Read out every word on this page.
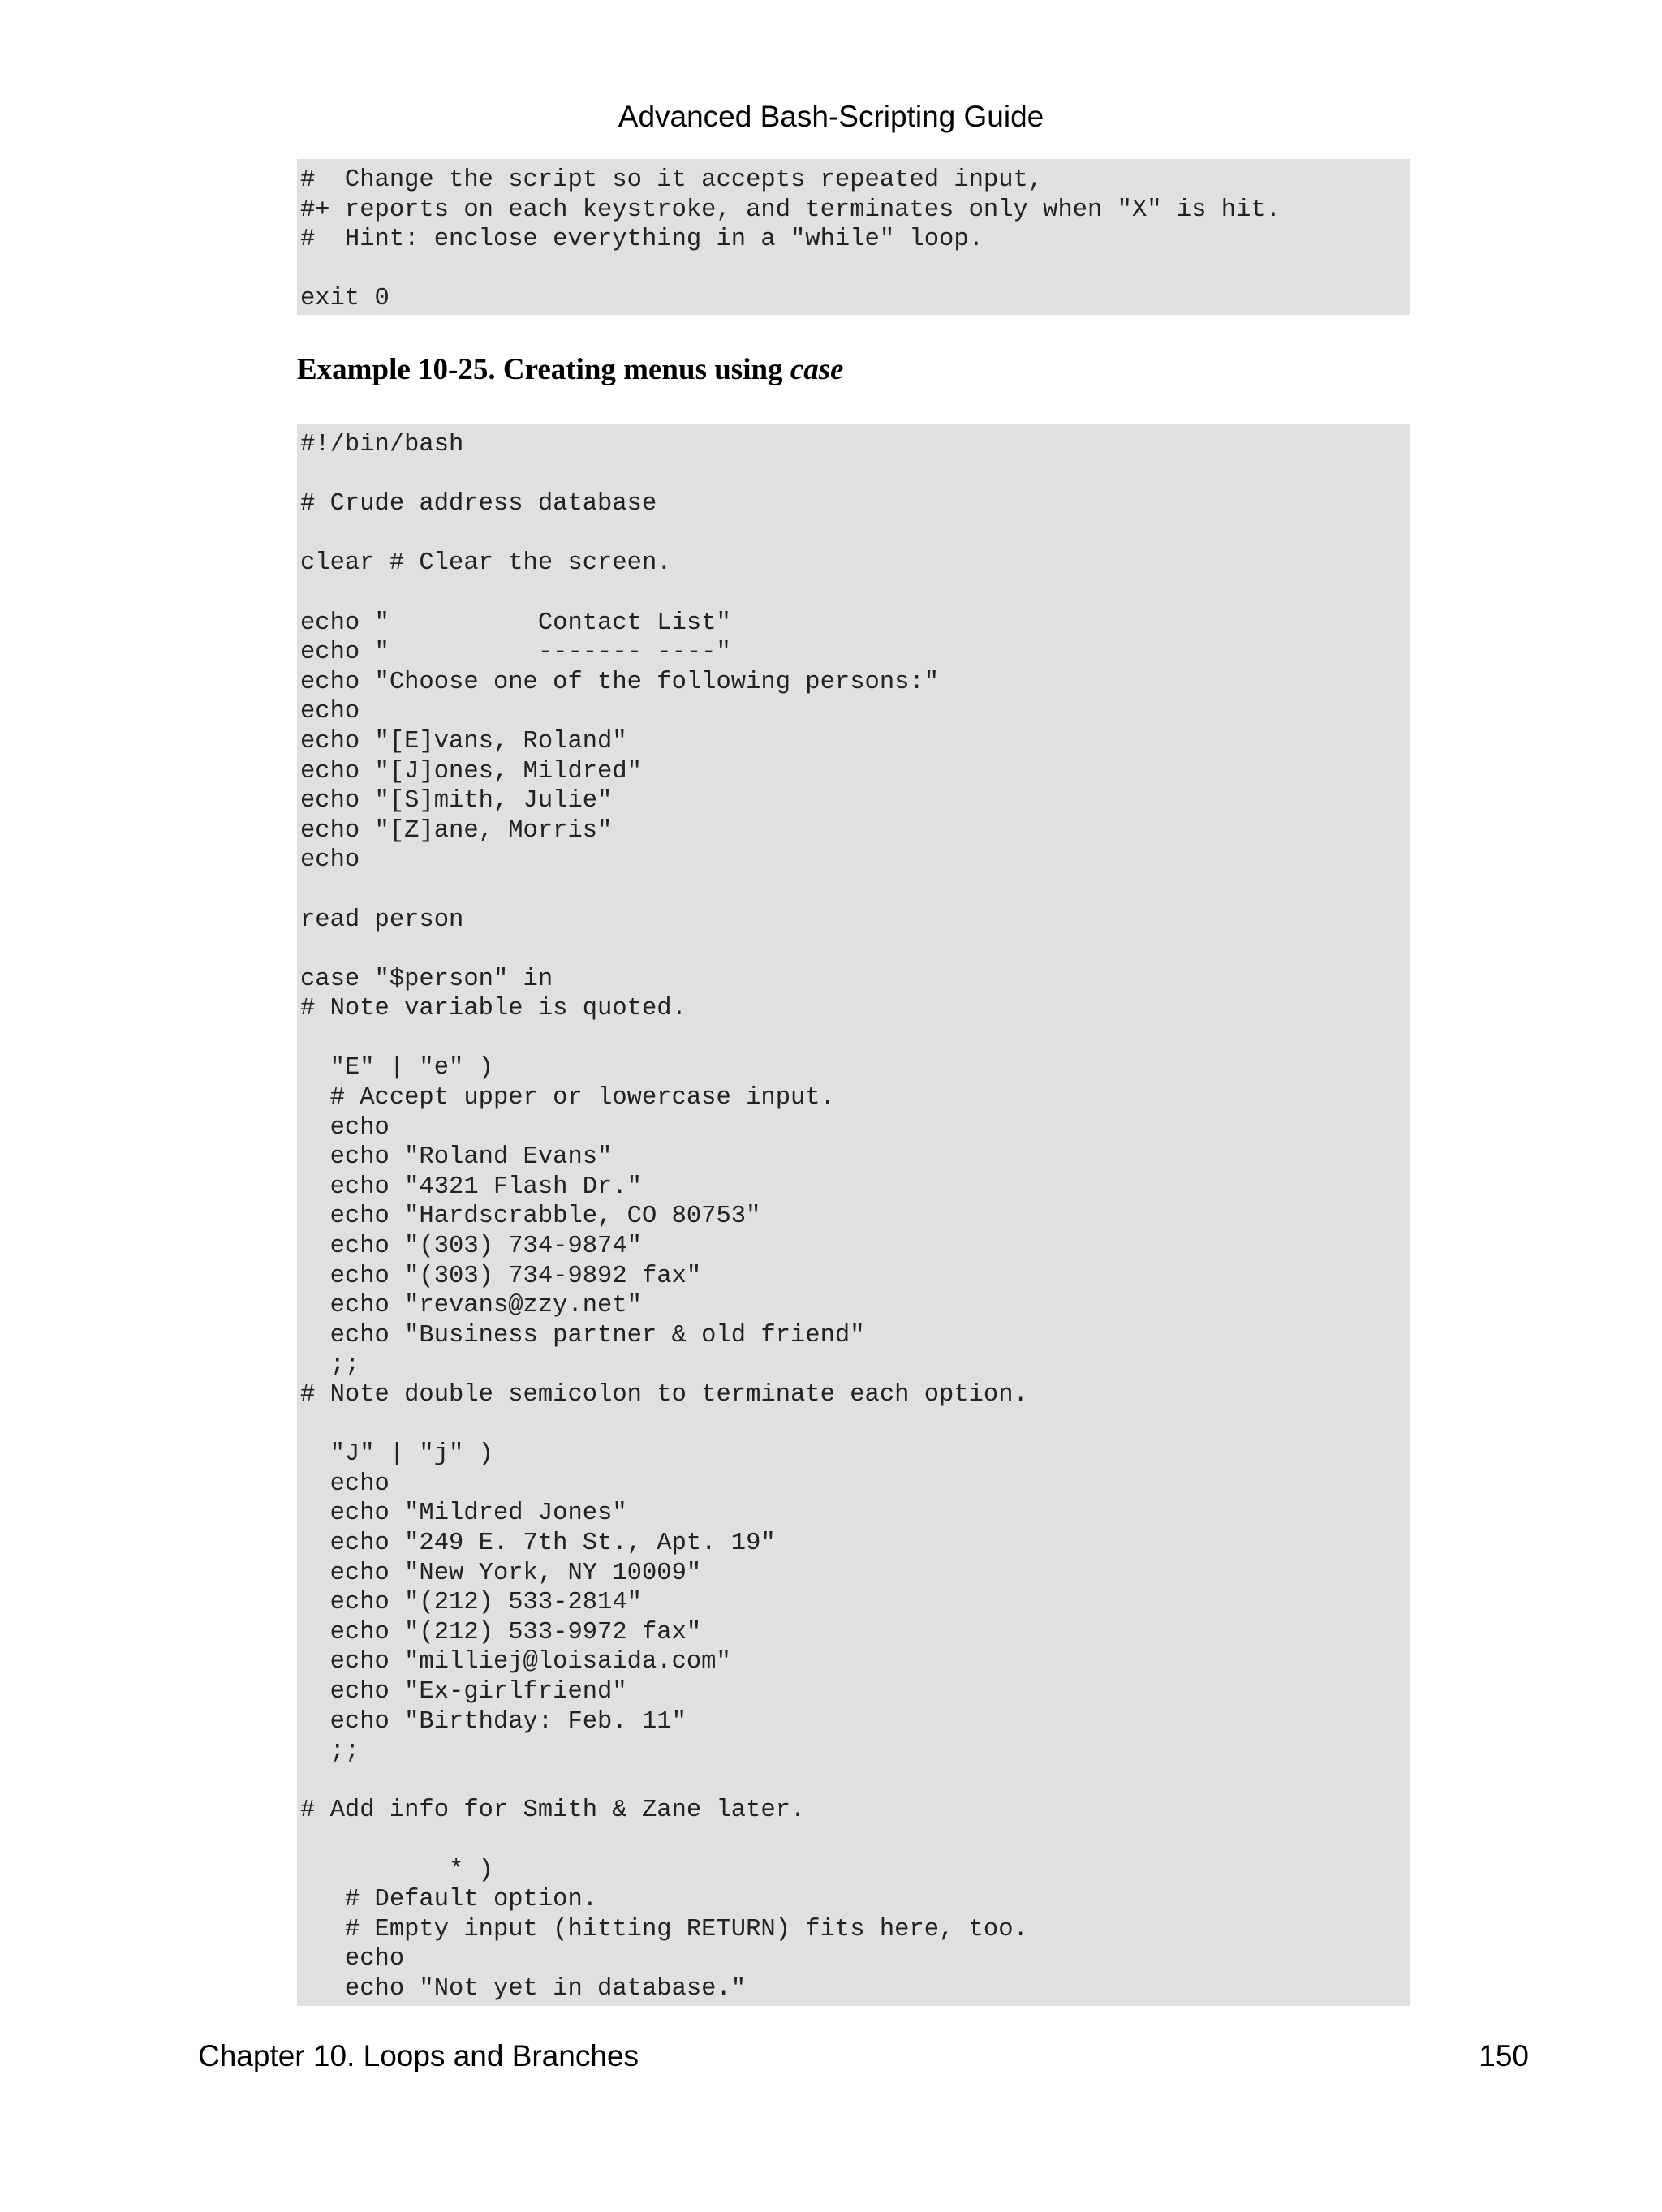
Advanced Bash-Scripting Guide
#  Change the script so it accepts repeated input,
#+ reports on each keystroke, and terminates only when "X" is hit.
#  Hint: enclose everything in a "while" loop.

exit 0
Example 10-25. Creating menus using case
#!/bin/bash

# Crude address database

clear # Clear the screen.

echo "          Contact List"
echo "          ------- ----"
echo "Choose one of the following persons:"
echo
echo "[E]vans, Roland"
echo "[J]ones, Mildred"
echo "[S]mith, Julie"
echo "[Z]ane, Morris"
echo

read person

case "$person" in
# Note variable is quoted.

"E" | "e" )
# Accept upper or lowercase input.
echo
echo "Roland Evans"
echo "4321 Flash Dr."
echo "Hardscrabble, CO 80753"
echo "(303) 734-9874"
echo "(303) 734-9892 fax"
echo "revans@zzy.net"
echo "Business partner & old friend"
;;
# Note double semicolon to terminate each option.

"J" | "j" )
echo
echo "Mildred Jones"
echo "249 E. 7th St., Apt. 19"
echo "New York, NY 10009"
echo "(212) 533-2814"
echo "(212) 533-9972 fax"
echo "milliej@loisaida.com"
echo "Ex-girlfriend"
echo "Birthday: Feb. 11"
;;

# Add info for Smith & Zane later.

* )
# Default option.
# Empty input (hitting RETURN) fits here, too.
echo
echo "Not yet in database."
Chapter 10. Loops and Branches	150
